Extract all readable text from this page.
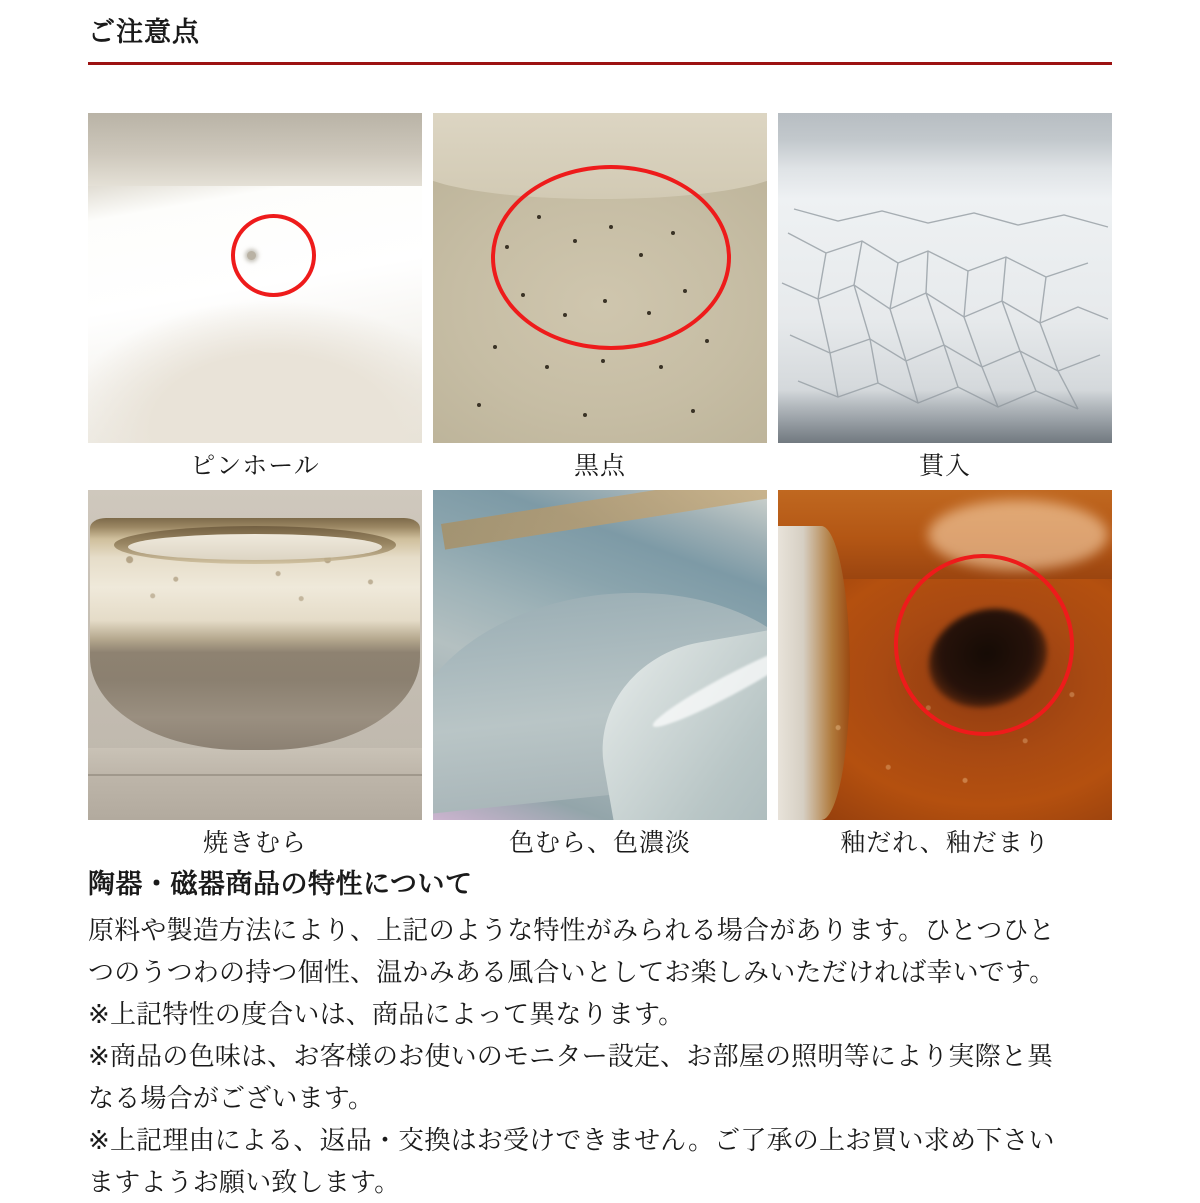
ご注意点
ピンホール	黒点	貫入
焼きむら	色むら、色濃淡	釉だれ、釉だまり
陶器・磁器商品の特性について
原料や製造方法により、上記のような特性がみられる場合があります。ひとつひと
つのうつわの持つ個性、温かみある風合いとしてお楽しみいただければ幸いです。
※上記特性の度合いは、商品によって異なります。
※商品の色味は、お客様のお使いのモニター設定、お部屋の照明等により実際と異
なる場合がございます。
※上記理由による、返品・交換はお受けできません。ご了承の上お買い求め下さい
ますようお願い致します。
